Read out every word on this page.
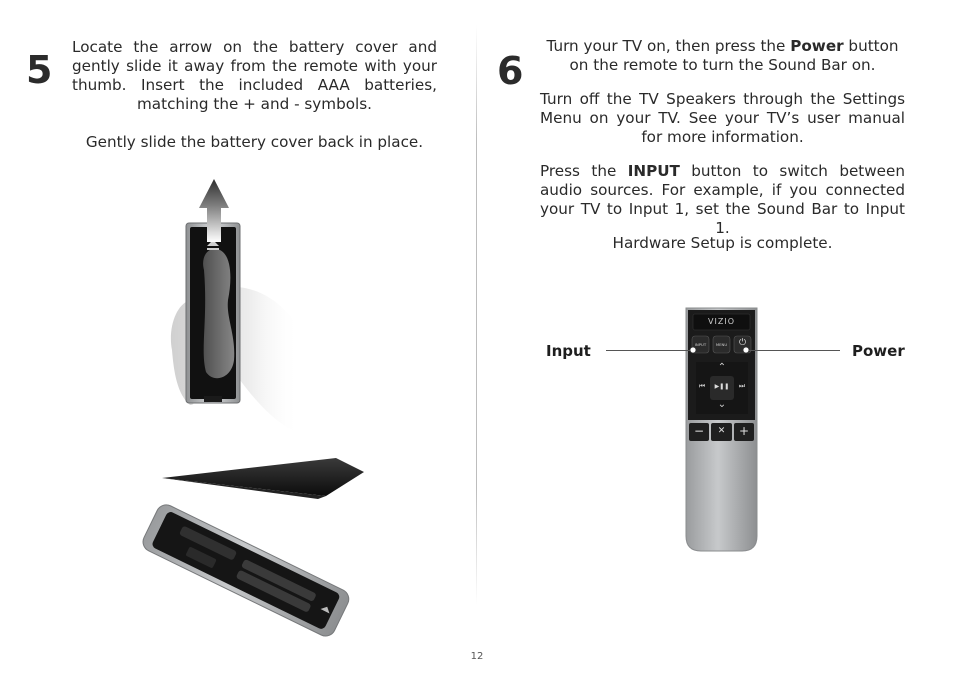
5

Locate the arrow on the battery cover and gently slide it away from the remote with your thumb. Insert the included AAA batteries, matching the + and - symbols.

Gently slide the battery cover back in place.

6

Turn your TV on, then press the Power button on the remote to turn the Sound Bar on.

Turn off the TV Speakers through the Settings Menu on your TV. See your TV’s user manual for more information.

Press the INPUT button to switch between audio sources. For example, if you connected your TV to Input 1, set the Sound Bar to Input 1.

Hardware Setup is complete.

VIZIO
INPUT	MENU	⏻
⌃
⌄
⏮	▶❚❚	⏭
−	✕	+
Input	Power
12
